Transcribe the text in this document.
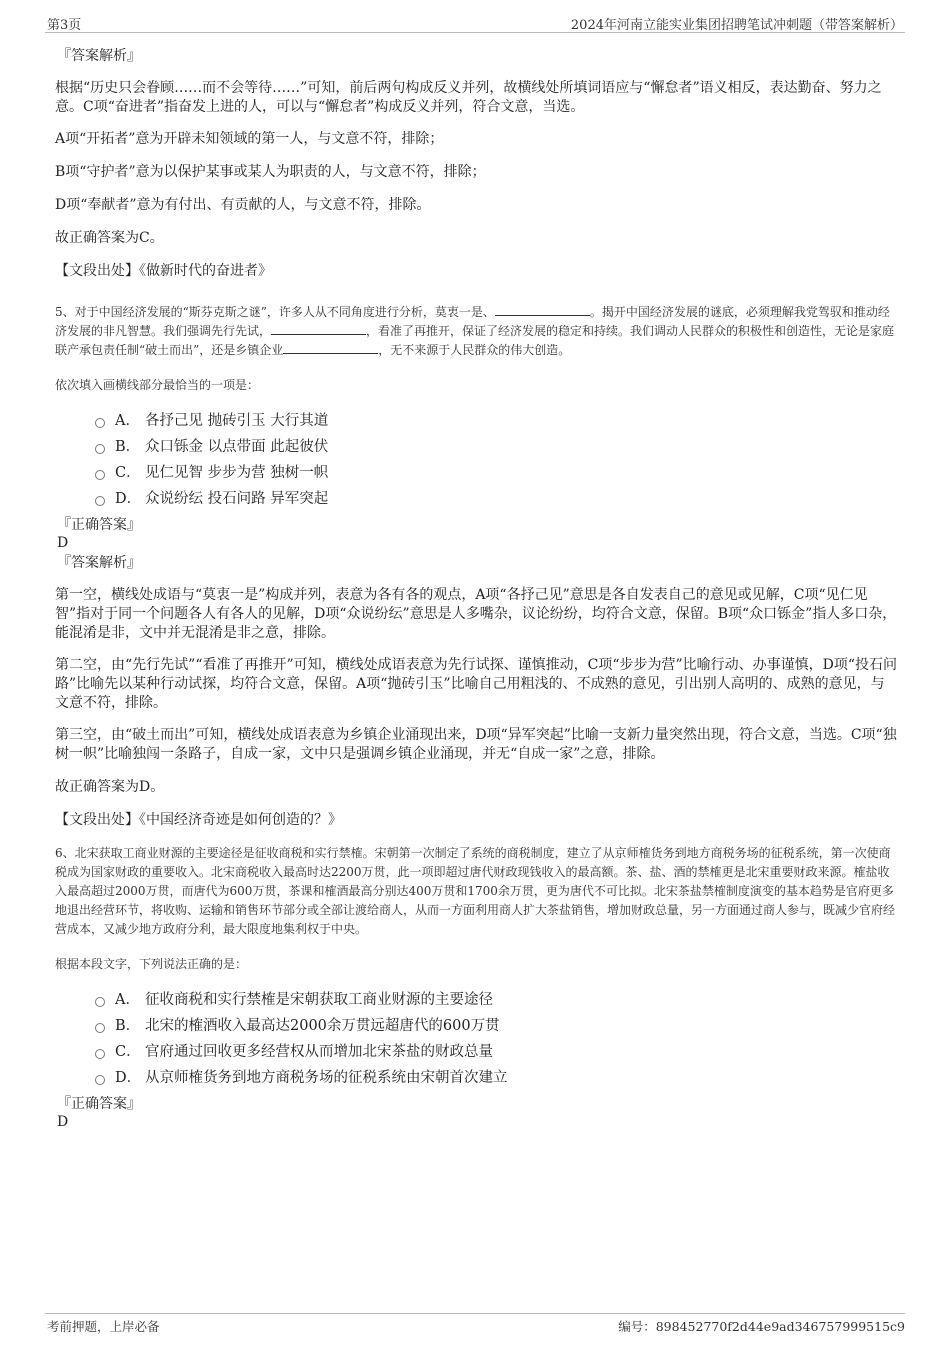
第3页	2024年河南立能实业集团招聘笔试冲刺题（带答案解析）

『答案解析』

根据“历史只会眷顾……而不会等待……”可知，前后两句构成反义并列，故横线处所填词语应与“懈怠者”语义相反，表达勤奋、努力之意。C项“奋进者”指奋发上进的人，可以与“懈怠者”构成反义并列，符合文意，当选。

A项“开拓者”意为开辟未知领域的第一人，与文意不符，排除；

B项“守护者”意为以保护某事或某人为职责的人，与文意不符，排除；

D项“奉献者”意为有付出、有贡献的人，与文意不符，排除。

故正确答案为C。

【文段出处】《做新时代的奋进者》

5、对于中国经济发展的“斯芬克斯之谜”，许多人从不同角度进行分析，莫衷一是、	。揭开中国经济发展的谜底，必须理解我党驾驭和推动经济发展的非凡智慧。我们强调先行先试，	，看准了再推开，保证了经济发展的稳定和持续。我们调动人民群众的积极性和创造性，无论是家庭联产承包责任制“破土而出”，还是乡镇企业	，无不来源于人民群众的伟大创造。

依次填入画横线部分最恰当的一项是：

A． 各抒己见 抛砖引玉 大行其道
B． 众口铄金 以点带面 此起彼伏
C． 见仁见智 步步为营 独树一帜
D． 众说纷纭 投石问路 异军突起

『正确答案』

D

『答案解析』

第一空，横线处成语与“莫衷一是”构成并列，表意为各有各的观点，A项“各抒己见”意思是各自发表自己的意见或见解，C项“见仁见智”指对于同一个问题各人有各人的见解，D项“众说纷纭”意思是人多嘴杂，议论纷纷，均符合文意，保留。B项“众口铄金”指人多口杂，能混淆是非，文中并无混淆是非之意，排除。

第二空，由“先行先试”“看准了再推开”可知，横线处成语表意为先行试探、谨慎推动，C项“步步为营”比喻行动、办事谨慎，D项“投石问路”比喻先以某种行动试探，均符合文意，保留。A项“抛砖引玉”比喻自己用粗浅的、不成熟的意见，引出别人高明的、成熟的意见，与文意不符，排除。

第三空，由“破土而出”可知，横线处成语表意为乡镇企业涌现出来，D项“异军突起”比喻一支新力量突然出现，符合文意，当选。C项“独树一帜”比喻独闯一条路子，自成一家，文中只是强调乡镇企业涌现，并无“自成一家”之意，排除。

故正确答案为D。

【文段出处】《中国经济奇迹是如何创造的？》

6、北宋获取工商业财源的主要途径是征收商税和实行禁榷。宋朝第一次制定了系统的商税制度，建立了从京师榷货务到地方商税务场的征税系统，第一次使商税成为国家财政的重要收入。北宋商税收入最高时达2200万贯，此一项即超过唐代财政现钱收入的最高额。茶、盐、酒的禁榷更是北宋重要财政来源。榷盐收入最高超过2000万贯，而唐代为600万贯，茶课和榷酒最高分别达400万贯和1700余万贯，更为唐代不可比拟。北宋茶盐禁榷制度演变的基本趋势是官府更多地退出经营环节，将收购、运输和销售环节部分或全部让渡给商人，从而一方面利用商人扩大茶盐销售，增加财政总量，另一方面通过商人参与，既减少官府经营成本，又减少地方政府分利，最大限度地集利权于中央。

根据本段文字，下列说法正确的是：

A． 征收商税和实行禁榷是宋朝获取工商业财源的主要途径
B． 北宋的榷酒收入最高达2000余万贯远超唐代的600万贯
C． 官府通过回收更多经营权从而增加北宋茶盐的财政总量
D． 从京师榷货务到地方商税务场的征税系统由宋朝首次建立

『正确答案』

D

考前押题，上岸必备	编号：898452770f2d44e9ad346757999515c9
